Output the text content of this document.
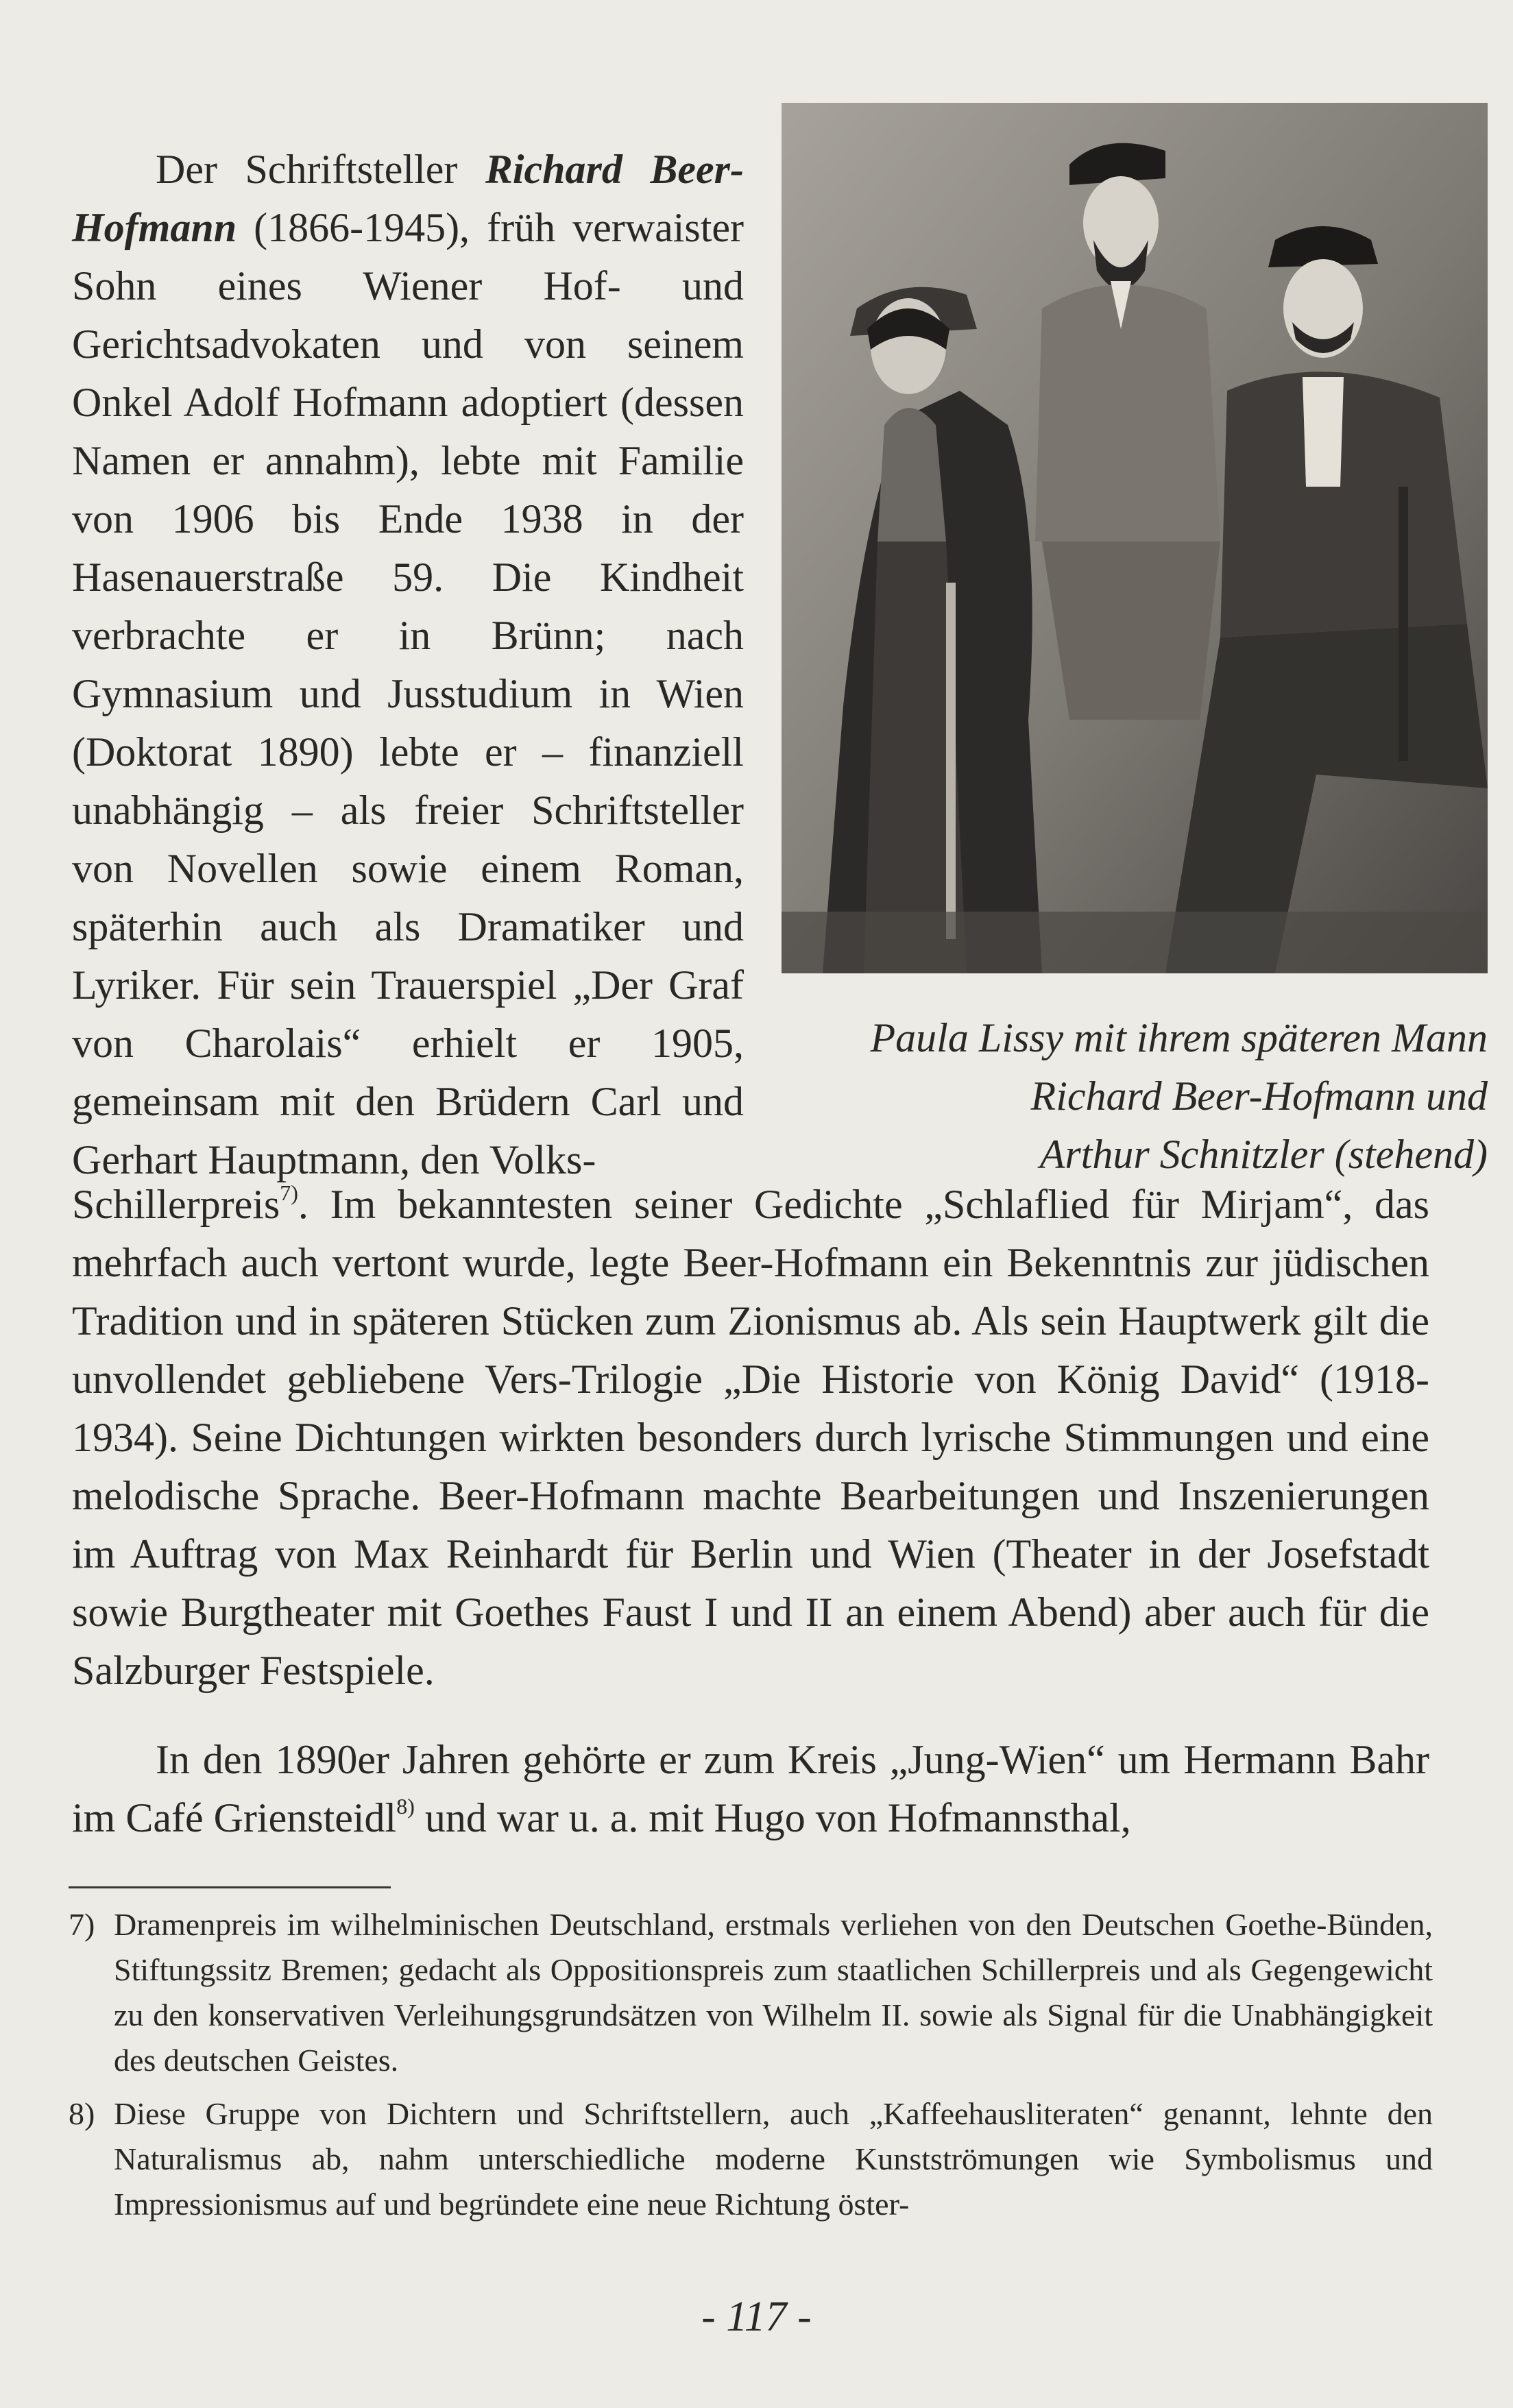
Paula Lissy mit ihrem späteren Mann
Richard Beer-Hofmann und
Arthur Schnitzler (stehend)
Der Schriftsteller Richard Beer-Hofmann (1866-1945), früh verwaister Sohn eines Wiener Hof- und Gerichtsadvokaten und von seinem Onkel Adolf Hofmann adoptiert (dessen Namen er annahm), lebte mit Familie von 1906 bis Ende 1938 in der Hasenauerstraße 59. Die Kindheit verbrachte er in Brünn; nach Gymnasium und Jusstudium in Wien (Doktorat 1890) lebte er – finanziell unabhängig – als freier Schriftsteller von Novellen sowie einem Roman, späterhin auch als Dramatiker und Lyriker. Für sein Trauerspiel „Der Graf von Charolais“ erhielt er 1905, gemeinsam mit den Brüdern Carl und Gerhart Hauptmann, den Volks-
Schillerpreis$^{7)}$. Im bekanntesten seiner Gedichte „Schlaflied für Mirjam“, das mehrfach auch vertont wurde, legte Beer-Hofmann ein Bekenntnis zur jüdischen Tradition und in späteren Stücken zum Zionismus ab. Als sein Hauptwerk gilt die unvollendet gebliebene Vers-Trilogie „Die Historie von König David“ (1918-1934). Seine Dichtungen wirkten besonders durch lyrische Stimmungen und eine melodische Sprache. Beer-Hofmann machte Bearbeitungen und Inszenierungen im Auftrag von Max Reinhardt für Berlin und Wien (Theater in der Josefstadt sowie Burgtheater mit Goethes Faust I und II an einem Abend) aber auch für die Salzburger Festspiele.
In den 1890er Jahren gehörte er zum Kreis „Jung-Wien“ um Hermann Bahr im Café Griensteidl$^{8)}$ und war u. a. mit Hugo von Hofmannsthal,
7) Dramenpreis im wilhelminischen Deutschland, erstmals verliehen von den Deutschen Goethe-Bünden, Stiftungssitz Bremen; gedacht als Oppositionspreis zum staatlichen Schillerpreis und als Gegengewicht zu den konservativen Verleihungsgrundsätzen von Wilhelm II. sowie als Signal für die Unabhängigkeit des deutschen Geistes.
8) Diese Gruppe von Dichtern und Schriftstellern, auch „Kaffeehausliteraten“ genannt, lehnte den Naturalismus ab, nahm unterschiedliche moderne Kunstströmungen wie Symbolismus und Impressionismus auf und begründete eine neue Richtung öster-
- 117 -
